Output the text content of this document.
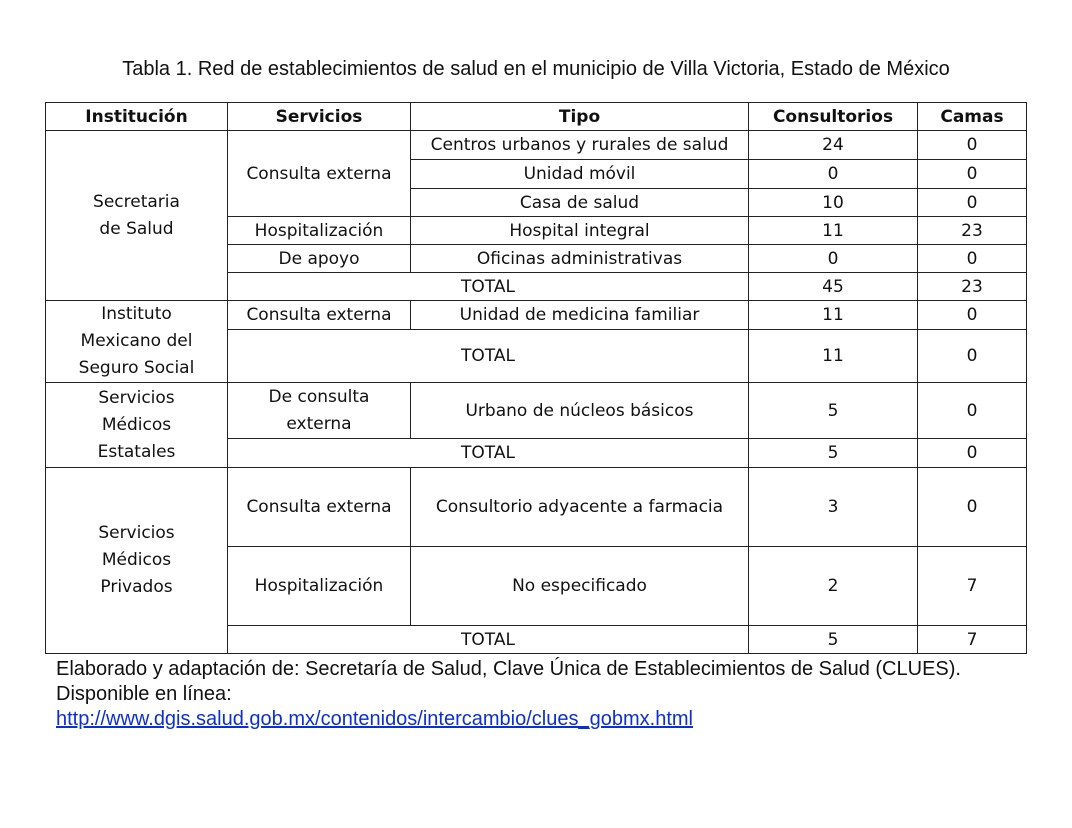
Tabla 1. Red de establecimientos de salud en el municipio de Villa Victoria, Estado de México
Institución	Servicios	Tipo	Consultorios	Camas
Secretaria de Salud	Consulta externa	Centros urbanos y rurales de salud	24	0
		Unidad móvil	0	0
		Casa de salud	10	0
	Hospitalización	Hospital integral	11	23
	De apoyo	Oficinas administrativas	0	0
	TOTAL		45	23
Instituto Mexicano del Seguro Social	Consulta externa	Unidad de medicina familiar	11	0
	TOTAL		11	0
Servicios Médicos Estatales	De consulta externa	Urbano de núcleos básicos	5	0
	TOTAL		5	0
Servicios Médicos Privados	Consulta externa	Consultorio adyacente a farmacia	3	0
	Hospitalización	No especificado	2	7
	TOTAL		5	7
Elaborado y adaptación de: Secretaría de Salud, Clave Única de Establecimientos de Salud (CLUES). Disponible en línea:
http://www.dgis.salud.gob.mx/contenidos/intercambio/clues_gobmx.html
